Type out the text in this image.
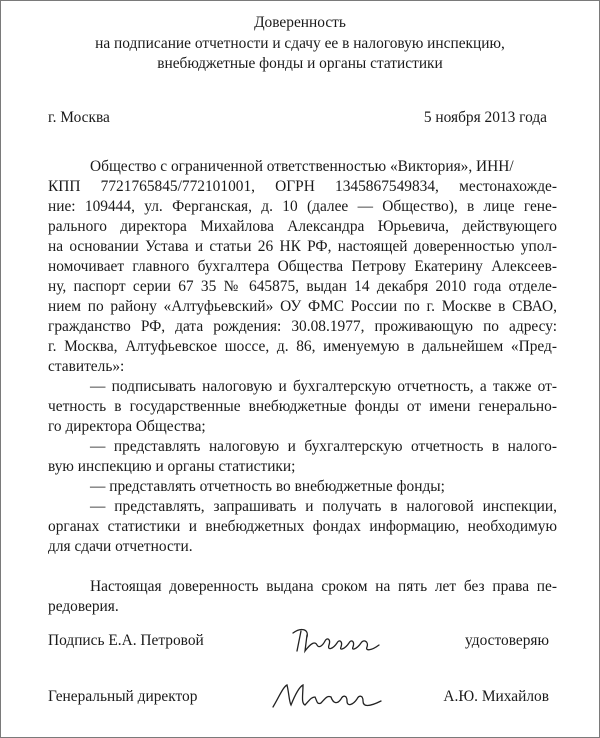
Доверенность
на подписание отчетности и сдачу ее в налоговую инспекцию,
внебюджетные фонды и органы статистики
г. Москва	5 ноября 2013 года
Общество с ограниченной ответственностью «Виктория», ИНН/
КПП 7721765845/772101001, ОГРН 1345867549834, местонахожде-
ние: 109444, ул. Ферганская, д. 10 (далее — Общество), в лице гене-
рального директора Михайлова Александра Юрьевича, действующего
на основании Устава и статьи 26 НК РФ, настоящей доверенностью упол-
номочивает главного бухгалтера Общества Петрову Екатерину Алексеев-
ну, паспорт серии 67 35 № 645875, выдан 14 декабря 2010 года отделе-
нием по району «Алтуфьевский» ОУ ФМС России по г. Москве в СВАО,
гражданство РФ, дата рождения: 30.08.1977, проживающую по адресу:
г. Москва, Алтуфьевское шоссе, д. 86, именуемую в дальнейшем «Пред-
ставитель»:
— подписывать налоговую и бухгалтерскую отчетность, а также от-
четность в государственные внебюджетные фонды от имени генерально-
го директора Общества;
— представлять налоговую и бухгалтерскую отчетность в налого-
вую инспекцию и органы статистики;
— представлять отчетность во внебюджетные фонды;
— представлять, запрашивать и получать в налоговой инспекции,
органах статистики и внебюджетных фондах информацию, необходимую
для сдачи отчетности.
Настоящая доверенность выдана сроком на пять лет без права пе-
редоверия.
Подпись Е.А. Петровой	удостоверяю
Генеральный директор	А.Ю. Михайлов
